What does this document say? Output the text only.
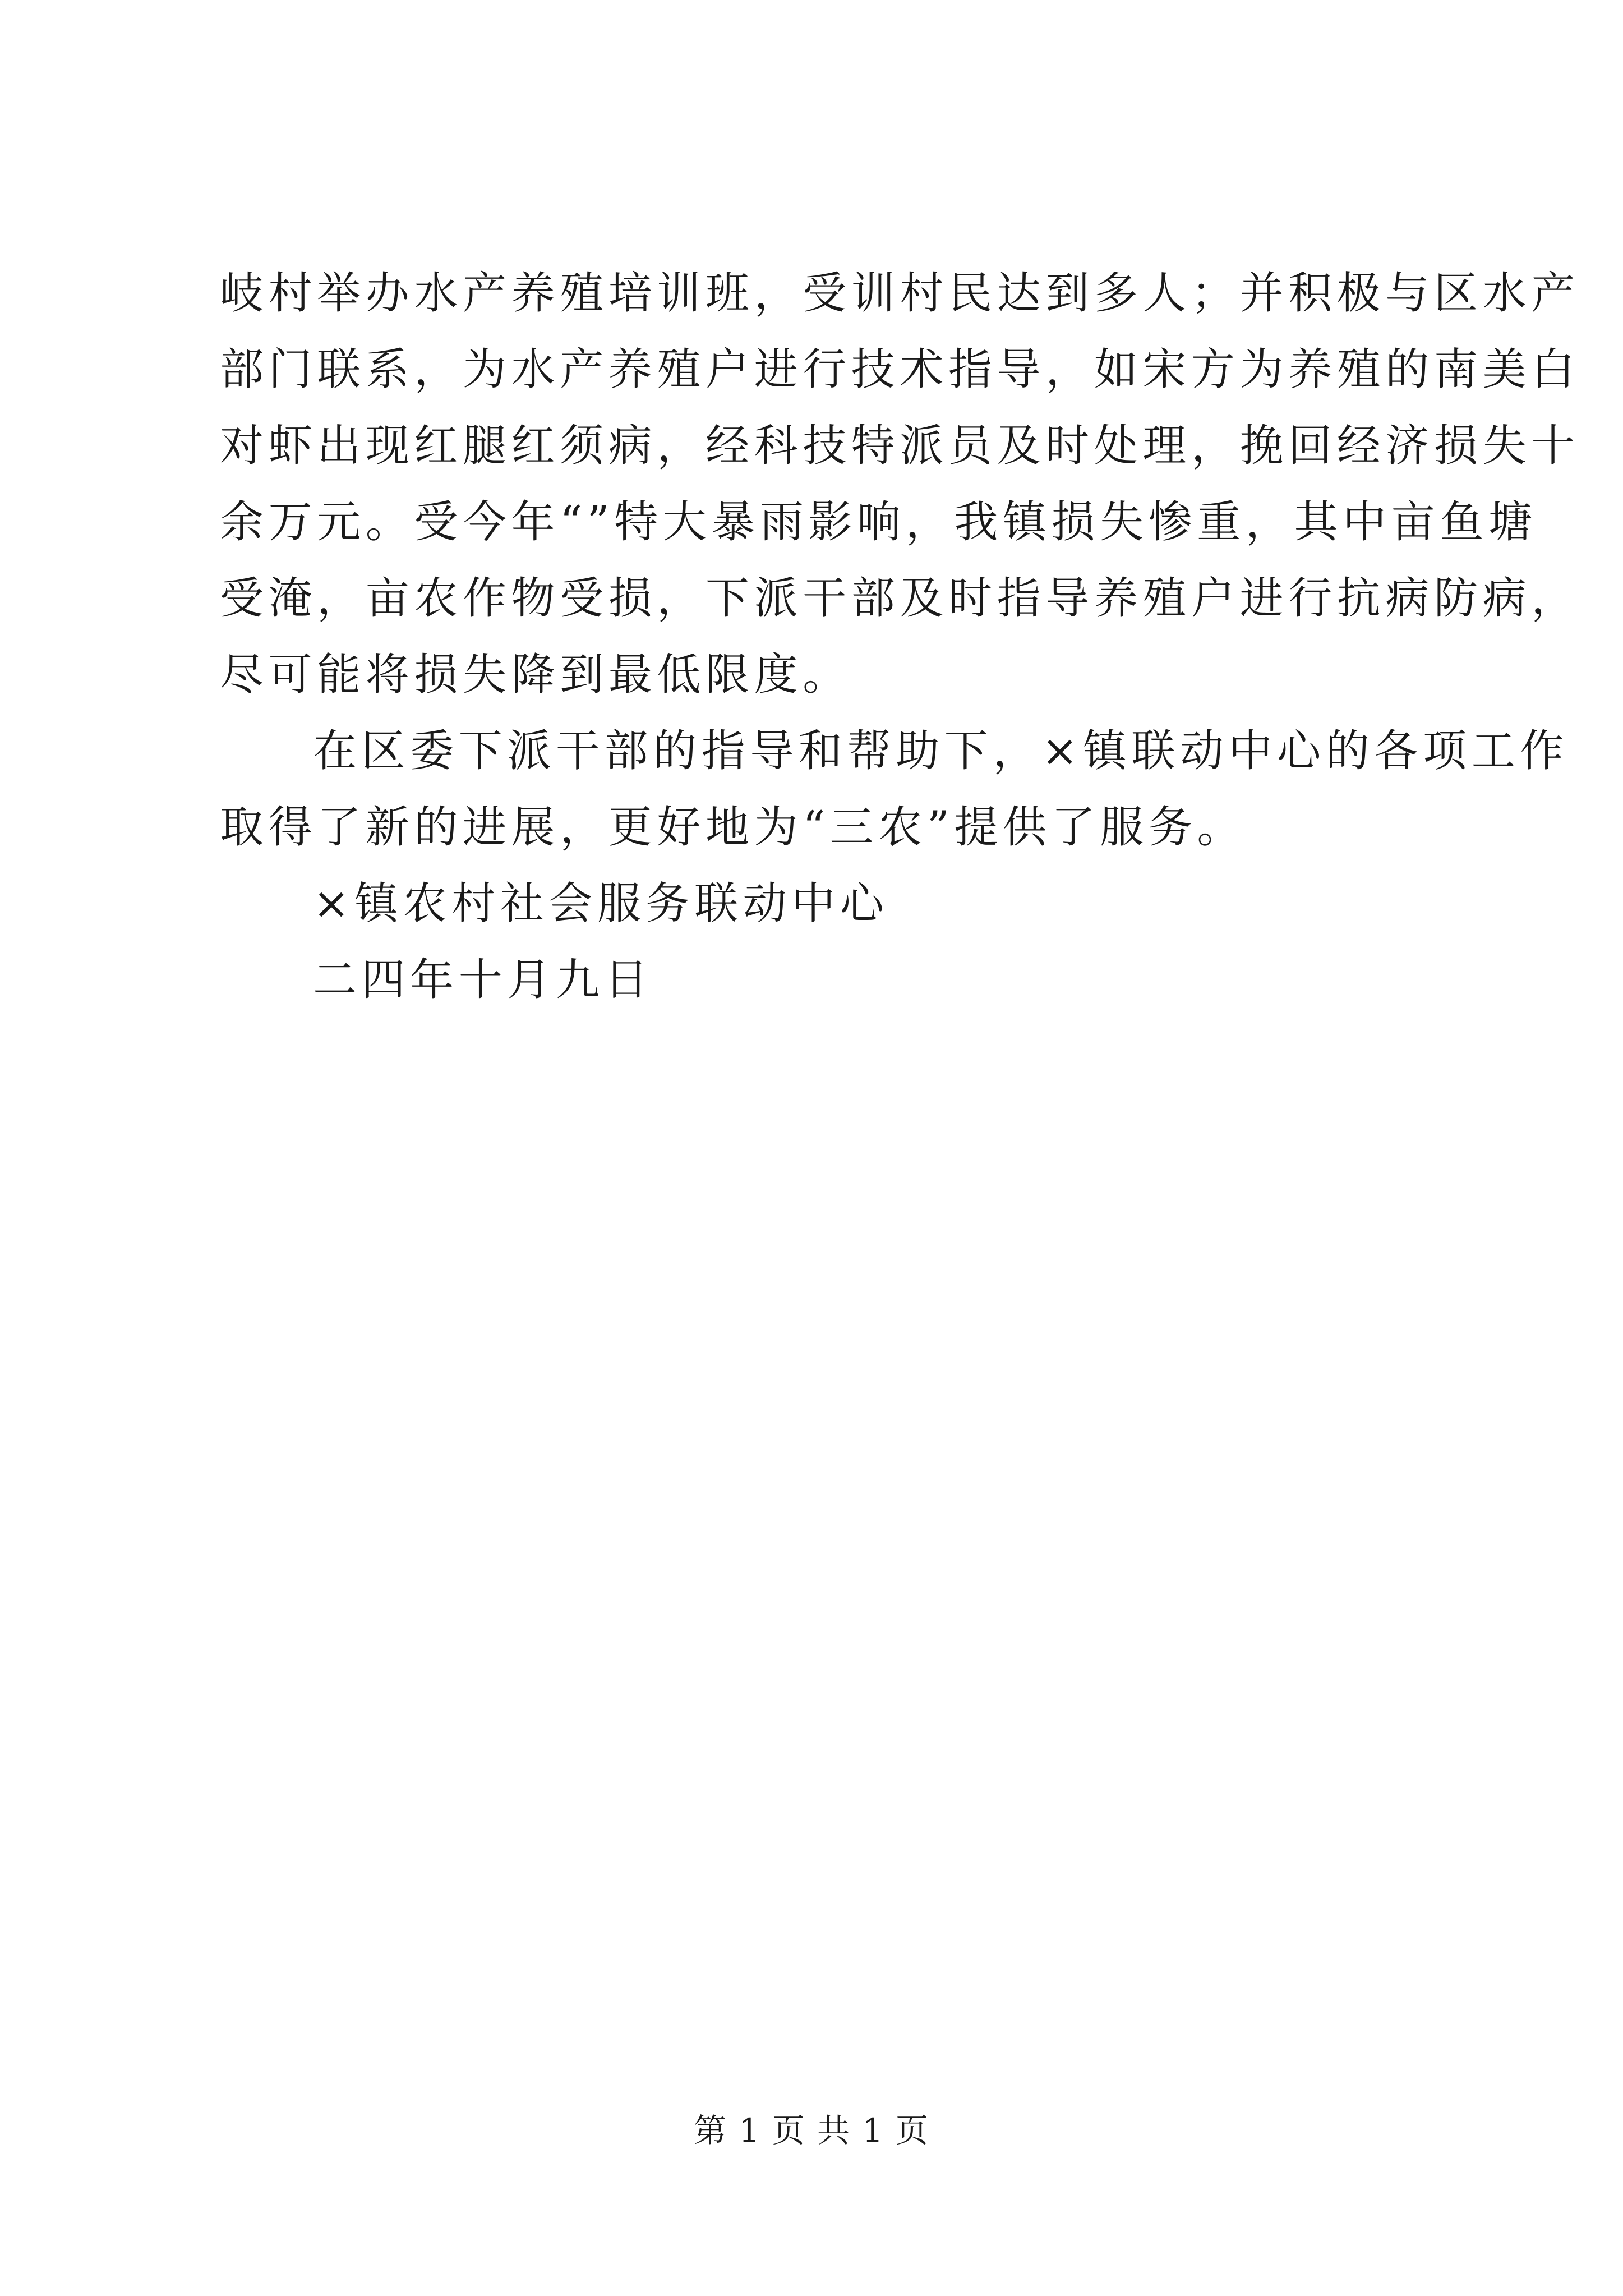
岐村举办水产养殖培训班，受训村民达到多人；并积极与区水产
部门联系，为水产养殖户进行技术指导，如宋方为养殖的南美白
对虾出现红腿红须病，经科技特派员及时处理，挽回经济损失十
余万元。受今年“”特大暴雨影响，我镇损失惨重，其中亩鱼塘
受淹，亩农作物受损，下派干部及时指导养殖户进行抗病防病，
尽可能将损失降到最低限度。
在区委下派干部的指导和帮助下，×镇联动中心的各项工作
取得了新的进展，更好地为“三农”提供了服务。
×镇农村社会服务联动中心
二四年十月九日
第 1 页 共 1 页
